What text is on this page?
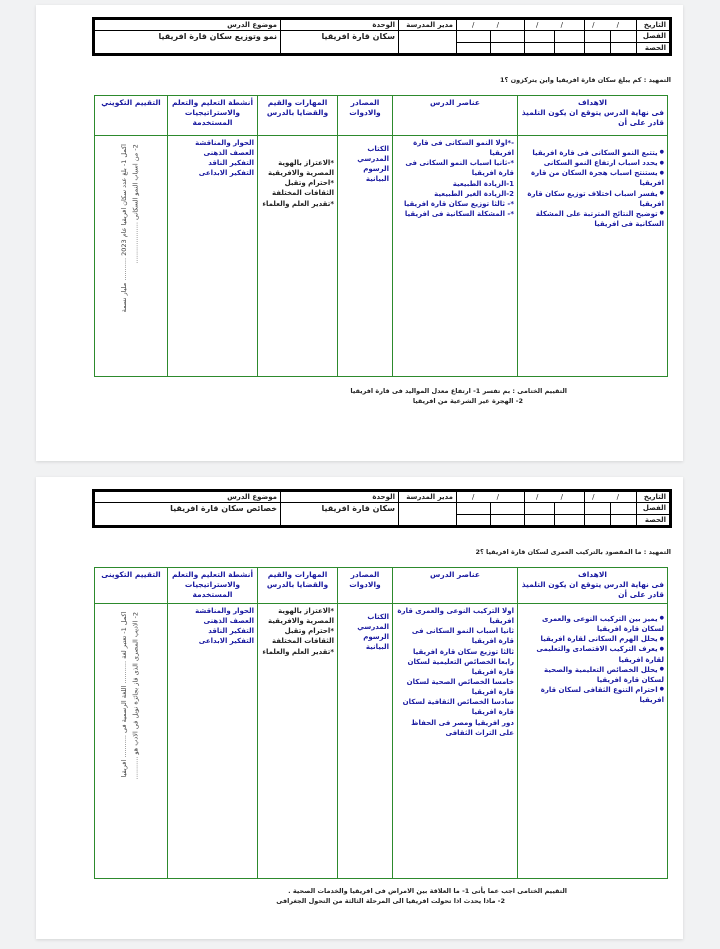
التاريخ	/ /		/ /		/ /		مدير المدرسة	الوحدة	موضوع الدرس
الفصل								سكان قارة افريقيا	نمو وتوزيع سكان قارة افريقيا
الحصة									
التمهيد : كم يبلغ سكان قارة افريقيا واين يتركزون ؟1
الاهداف
فى نهاية الدرس يتوقع ان يكون التلميذ قادر على أن	عناصر الدرس	المصادر والادوات	المهارات والقيم والقضايا بالدرس	أنشطة التعليم والتعلم والاستراتيجيات المستخدمة	التقييم التكويني

● يتتبع النمو السكانى فى قارة افريقيا
● يحدد اسباب ارتفاع النمو السكانى
● يستنتج اسباب هجرة السكان من قارة افريقيا
● يفسر اسباب اختلاف توزيع سكان قارة افريقيا
● توضيح النتائج المترتبة على المشكلة السكانية فى افريقيا

-*اولا النمو السكانى فى قارة افريقيا
*-ثانيا اسباب النمو السكانى فى قارة افريقيا
1-الزيادة الطبيعية
2-الزيادة الغير الطبيعية
*- ثالثا توزيع سكان قارة افريقيا
*- المشكلة السكانية فى افريقيا

الكتاب المدرسي
الرسوم البيانية

*الاعتزاز بالهوية المصرية والافريقية
*احترام وتقبل الثقافات المختلفة
*تقدير العلم والعلماء

الحوار والمناقشة
العصف الذهنى
التفكير الناقد
التفكير الابداعى

اكمل 1- بلغ عدد سكان افريقيا عام 2023 ........... مليار نسمة 2- من اسباب النمو السكانى ....................
التقييم الختامى : بم تفسر 1- ارتفاع معدل المواليد فى قارة افريقيا
2- الهجرة غير الشرعية من افريقيا
التاريخ	/ /		/ /		/ /		مدير المدرسة	الوحدة	موضوع الدرس
الفصل								سكان قارة افريقيا	خصائص سكان قارة افريقيا
الحصة									
التمهيد : ما المقصود بالتركيب العمرى لسكان قارة افريقيا ؟2
الاهداف
فى نهاية الدرس يتوقع ان يكون التلميذ قادر على أن	عناصر الدرس	المصادر والادوات	المهارات والقيم والقضايا بالدرس	أنشطة التعليم والتعلم والاستراتيجيات المستخدمة	التقييم التكوينى

● يميز بين التركيب النوعى والعمرى لسكان قارة افريقيا
● يحلل الهرم السكانى لقارة افريقيا
● يعرف التركيب الاقتصادى والتعليمى لقارة افريقيا
● يحلل الخصائص التعليمية والصحية لسكان قارة افريقيا
● احترام التنوع الثقافى لسكان قارة افريقيا

اولا التركيب النوعى والعمرى قارة افريقيا
ثانيا اسباب النمو السكانى فى قارة افريقيا
ثالثا توزيع سكان قارة افريقيا
رابعا الخصائص التعليمية لسكان قارة افريقيا
خامسا الخصائص الصحية لسكان قارة افريقيا
سادسا الخصائص الثقافية لسكان قارة افريقيا
دور افريقيا ومصر فى الحفاظ على التراث الثقافى

الكتاب المدرسي
الرسوم البيانية

*الاعتزاز بالهوية المصرية والافريقية
*احترام وتقبل الثقافات المختلفة
*تقدير العلم والعلماء

الحوار والمناقشة
العصف الذهنى
التفكير الناقد
التفكير الابداعى

اكمل 1- تعتبر لغة ........... اللغة الرسمية فى ........... افريقيا 2- الاديب المصرى الذى فاز بجائزة نوبل فى الادب هو ...........
التقييم الختامى اجب عما يأتى 1- ما العلاقة بين الامراض فى افريقيا والخدمات الصحية .
2- ماذا يحدث اذا تحولت افريقيا الى المرحلة الثالثة من التحول الجغرافى
